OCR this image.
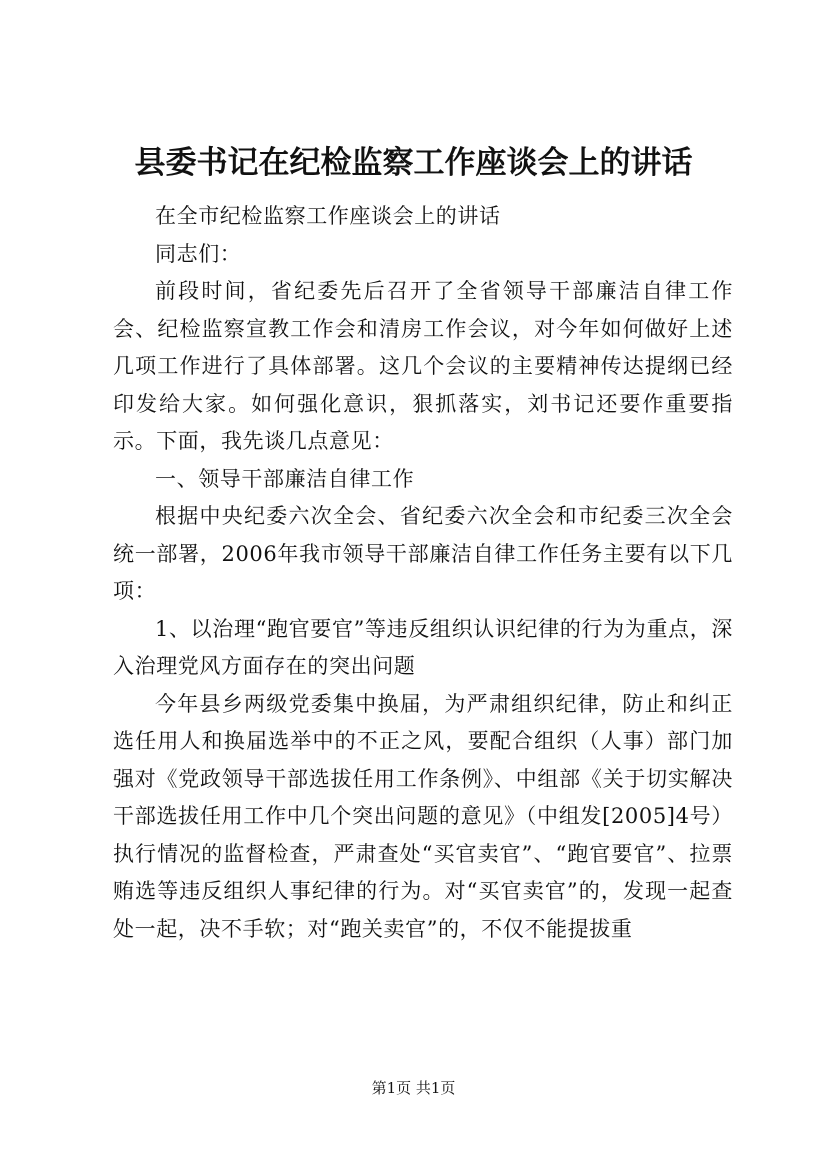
县委书记在纪检监察工作座谈会上的讲话

在全市纪检监察工作座谈会上的讲话

同志们：

前段时间，省纪委先后召开了全省领导干部廉洁自律工作会、纪检监察宣教工作会和清房工作会议，对今年如何做好上述几项工作进行了具体部署。这几个会议的主要精神传达提纲已经印发给大家。如何强化意识，狠抓落实，刘书记还要作重要指示。下面，我先谈几点意见：

一、领导干部廉洁自律工作

根据中央纪委六次全会、省纪委六次全会和市纪委三次全会统一部署，2006年我市领导干部廉洁自律工作任务主要有以下几项：

1、以治理“跑官要官”等违反组织认识纪律的行为为重点，深入治理党风方面存在的突出问题

今年县乡两级党委集中换届，为严肃组织纪律，防止和纠正选任用人和换届选举中的不正之风，要配合组织（人事）部门加强对《党政领导干部选拔任用工作条例》、中组部《关于切实解决干部选拔任用工作中几个突出问题的意见》（中组发[2005]4号）执行情况的监督检查，严肃查处“买官卖官”、“跑官要官”、拉票贿选等违反组织人事纪律的行为。对“买官卖官”的，发现一起查处一起，决不手软；对“跑关卖官”的，不仅不能提拔重

第1页 共1页
